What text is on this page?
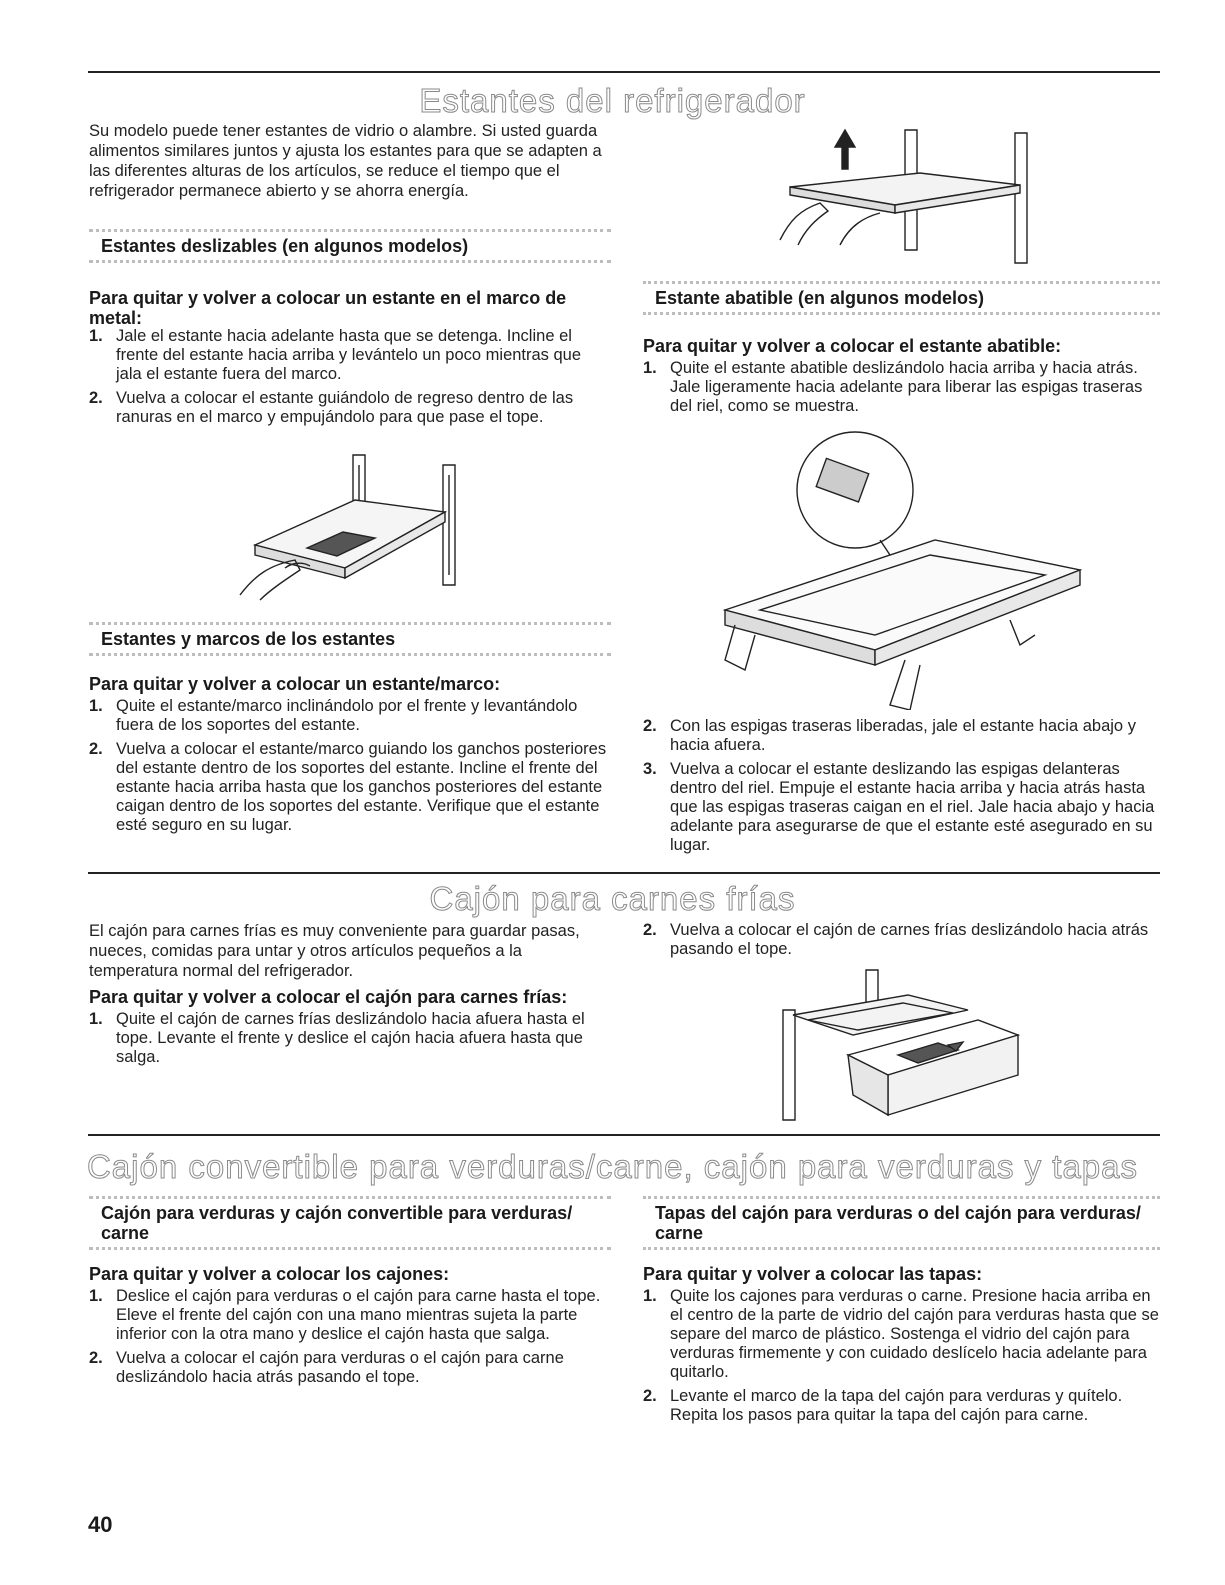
Estantes del refrigerador
Su modelo puede tener estantes de vidrio o alambre. Si usted guarda alimentos similares juntos y ajusta los estantes para que se adapten a las diferentes alturas de los artículos, se reduce el tiempo que el refrigerador permanece abierto y se ahorra energía.
Estantes deslizables (en algunos modelos)
Para quitar y volver a colocar un estante en el marco de metal:
1. Jale el estante hacia adelante hasta que se detenga. Incline el frente del estante hacia arriba y levántelo un poco mientras que jala el estante fuera del marco.
2. Vuelva a colocar el estante guiándolo de regreso dentro de las ranuras en el marco y empujándolo para que pase el tope.
Estantes y marcos de los estantes
Para quitar y volver a colocar un estante/marco:
1. Quite el estante/marco inclinándolo por el frente y levantándolo fuera de los soportes del estante.
2. Vuelva a colocar el estante/marco guiando los ganchos posteriores del estante dentro de los soportes del estante. Incline el frente del estante hacia arriba hasta que los ganchos posteriores del estante caigan dentro de los soportes del estante. Verifique que el estante esté seguro en su lugar.
Estante abatible (en algunos modelos)
Para quitar y volver a colocar el estante abatible:
1. Quite el estante abatible deslizándolo hacia arriba y hacia atrás. Jale ligeramente hacia adelante para liberar las espigas traseras del riel, como se muestra.
2. Con las espigas traseras liberadas, jale el estante hacia abajo y hacia afuera.
3. Vuelva a colocar el estante deslizando las espigas delanteras dentro del riel. Empuje el estante hacia arriba y hacia atrás hasta que las espigas traseras caigan en el riel. Jale hacia abajo y hacia adelante para asegurarse de que el estante esté asegurado en su lugar.
Cajón para carnes frías
El cajón para carnes frías es muy conveniente para guardar pasas, nueces, comidas para untar y otros artículos pequeños a la temperatura normal del refrigerador.
Para quitar y volver a colocar el cajón para carnes frías:
1. Quite el cajón de carnes frías deslizándolo hacia afuera hasta el tope. Levante el frente y deslice el cajón hacia afuera hasta que salga.
2. Vuelva a colocar el cajón de carnes frías deslizándolo hacia atrás pasando el tope.
Cajón convertible para verduras/carne, cajón para verduras y tapas
Cajón para verduras y cajón convertible para verduras/ carne
Para quitar y volver a colocar los cajones:
1. Deslice el cajón para verduras o el cajón para carne hasta el tope. Eleve el frente del cajón con una mano mientras sujeta la parte inferior con la otra mano y deslice el cajón hasta que salga.
2. Vuelva a colocar el cajón para verduras o el cajón para carne deslizándolo hacia atrás pasando el tope.
Tapas del cajón para verduras o del cajón para verduras/ carne
Para quitar y volver a colocar las tapas:
1. Quite los cajones para verduras o carne. Presione hacia arriba en el centro de la parte de vidrio del cajón para verduras hasta que se separe del marco de plástico. Sostenga el vidrio del cajón para verduras firmemente y con cuidado deslícelo hacia adelante para quitarlo.
2. Levante el marco de la tapa del cajón para verduras y quítelo. Repita los pasos para quitar la tapa del cajón para carne.
40
